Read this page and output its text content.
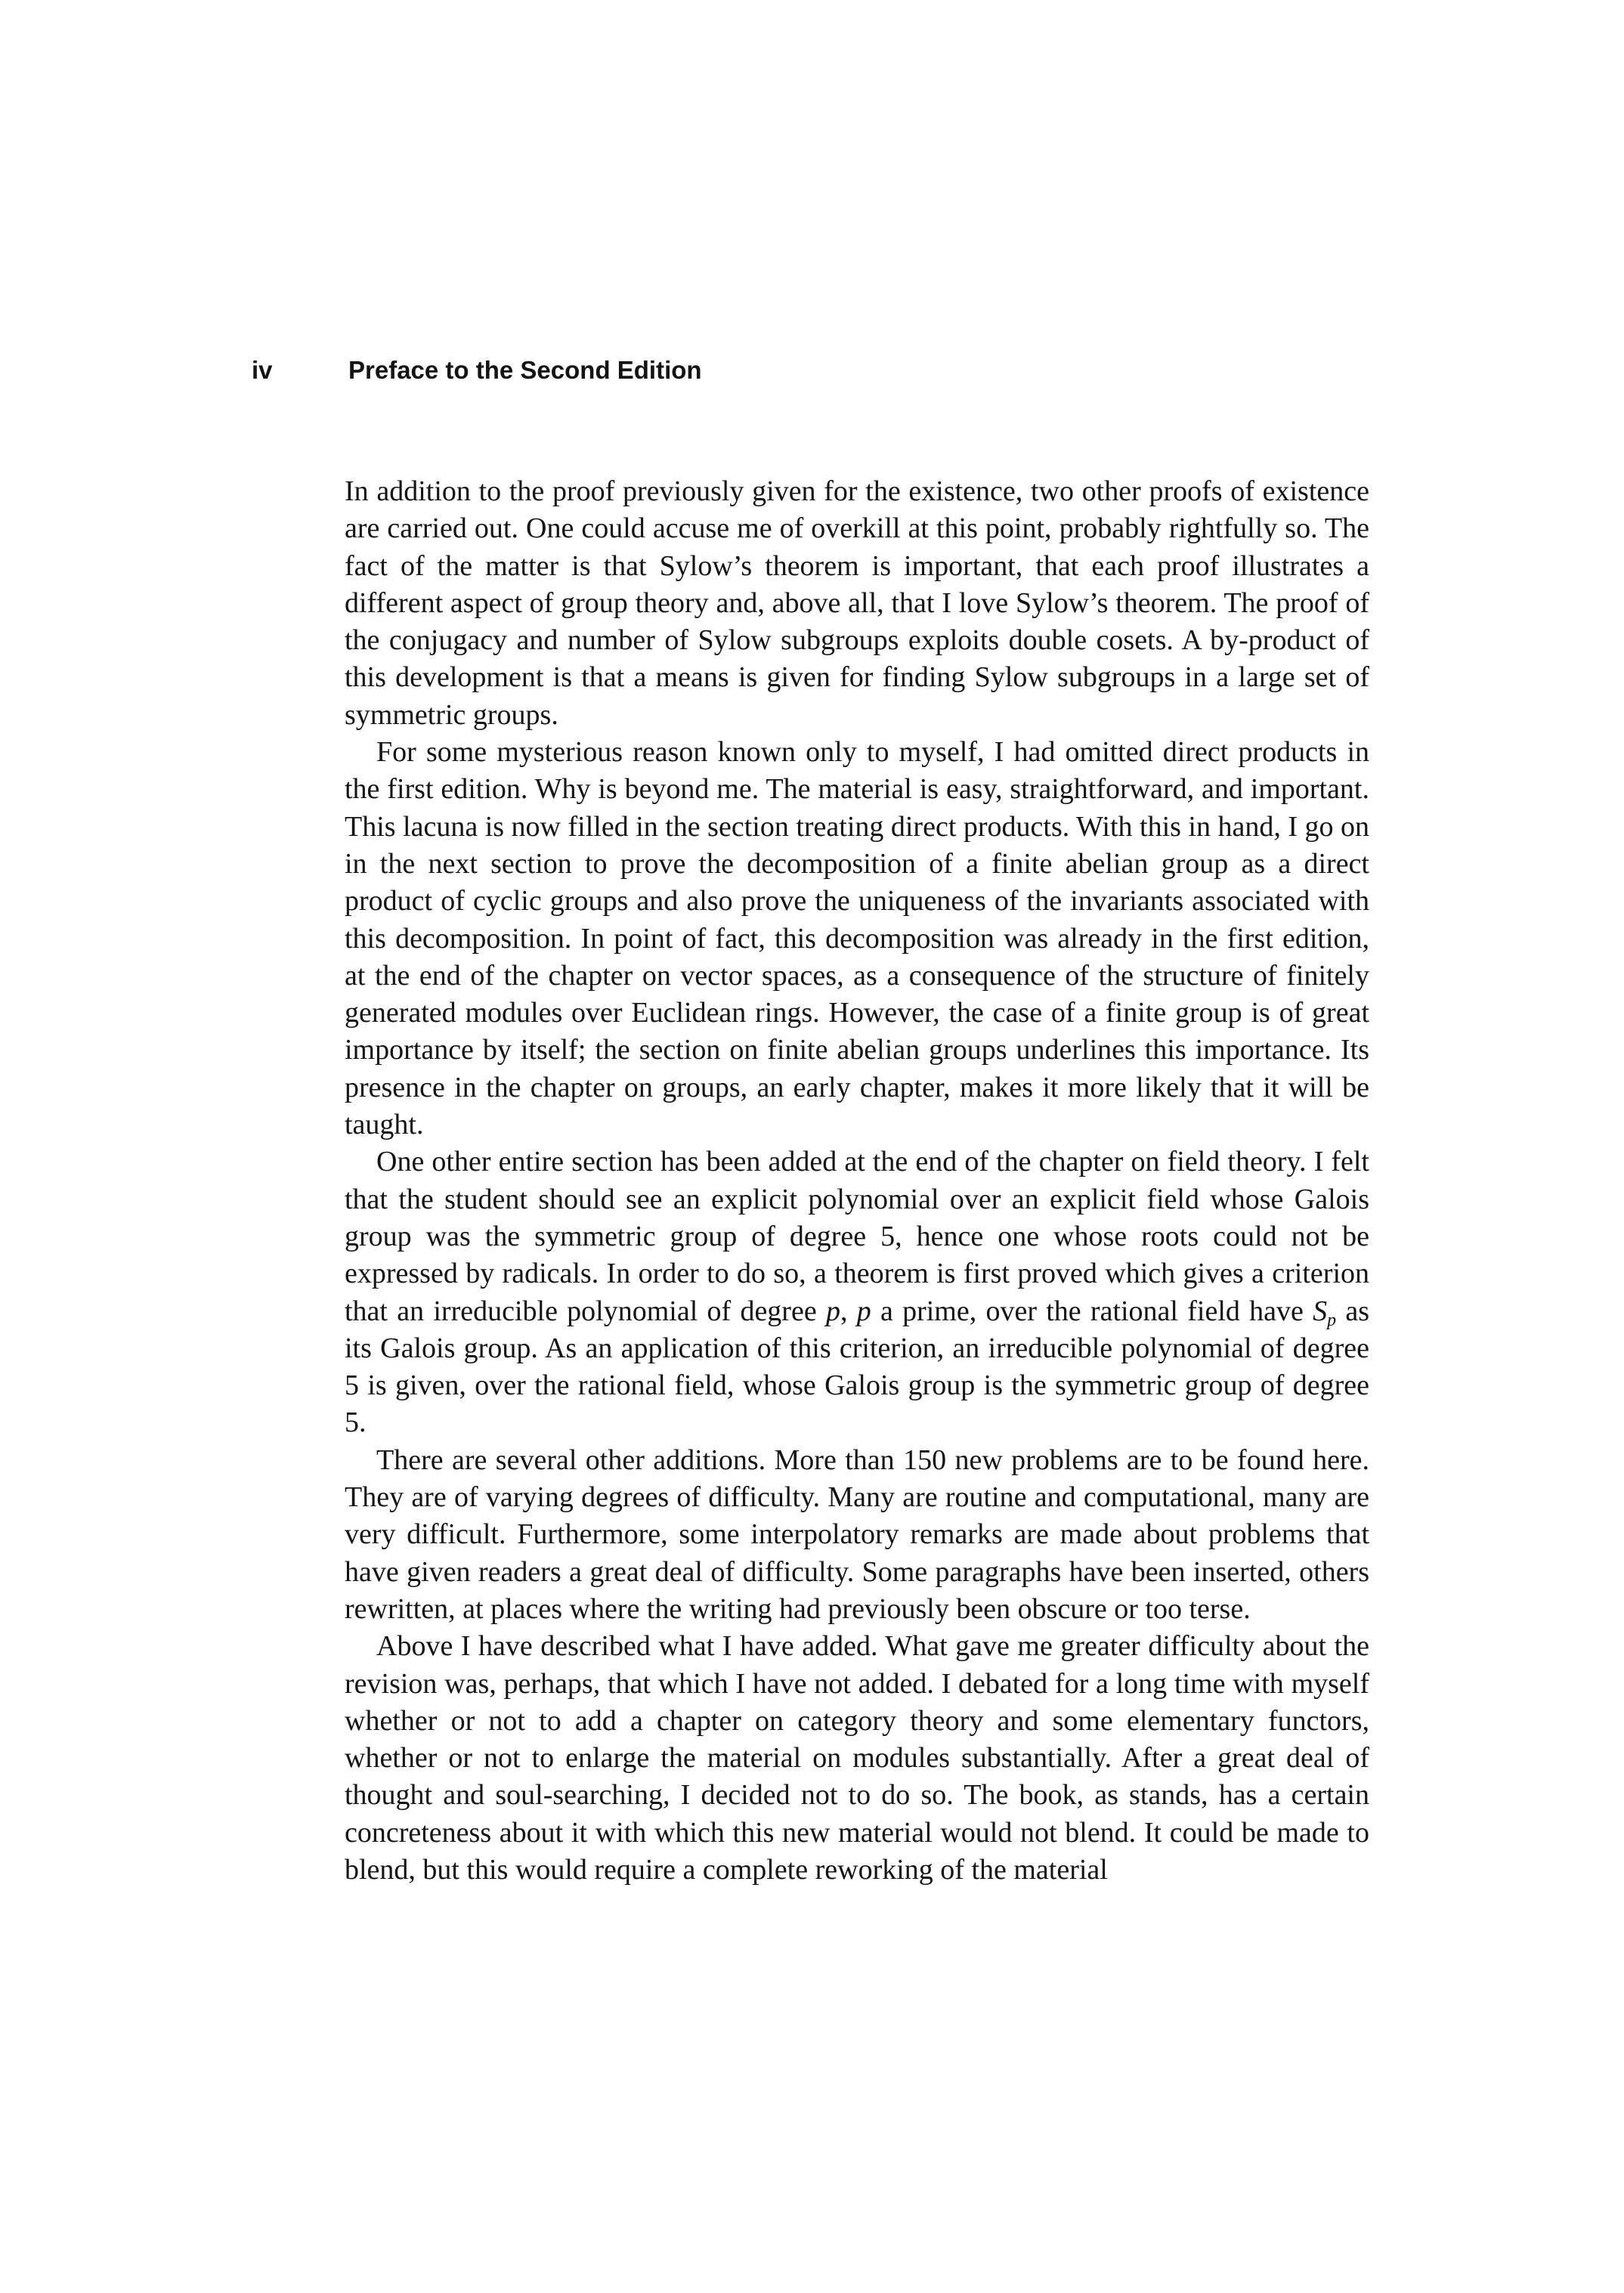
iv	Preface to the Second Edition

In addition to the proof previously given for the existence, two other proofs of existence are carried out. One could accuse me of overkill at this point, probably rightfully so. The fact of the matter is that Sylow’s theorem is important, that each proof illustrates a different aspect of group theory and, above all, that I love Sylow’s theorem. The proof of the conjugacy and number of Sylow subgroups exploits double cosets. A by-product of this development is that a means is given for finding Sylow subgroups in a large set of symmetric groups.

For some mysterious reason known only to myself, I had omitted direct products in the first edition. Why is beyond me. The material is easy, straightforward, and important. This lacuna is now filled in the section treating direct products. With this in hand, I go on in the next section to prove the decomposition of a finite abelian group as a direct product of cyclic groups and also prove the uniqueness of the invariants associated with this decomposition. In point of fact, this decomposition was already in the first edition, at the end of the chapter on vector spaces, as a consequence of the structure of finitely generated modules over Euclidean rings. However, the case of a finite group is of great importance by itself; the section on finite abelian groups underlines this importance. Its presence in the chapter on groups, an early chapter, makes it more likely that it will be taught.

One other entire section has been added at the end of the chapter on field theory. I felt that the student should see an explicit polynomial over an explicit field whose Galois group was the symmetric group of degree 5, hence one whose roots could not be expressed by radicals. In order to do so, a theorem is first proved which gives a criterion that an irreducible polynomial of degree p, p a prime, over the rational field have Sp as its Galois group. As an application of this criterion, an irreducible polynomial of degree 5 is given, over the rational field, whose Galois group is the symmetric group of degree 5.

There are several other additions. More than 150 new problems are to be found here. They are of varying degrees of difficulty. Many are routine and computational, many are very difficult. Furthermore, some interpolatory remarks are made about problems that have given readers a great deal of difficulty. Some paragraphs have been inserted, others rewritten, at places where the writing had previously been obscure or too terse.

Above I have described what I have added. What gave me greater difficulty about the revision was, perhaps, that which I have not added. I debated for a long time with myself whether or not to add a chapter on category theory and some elementary functors, whether or not to enlarge the material on modules substantially. After a great deal of thought and soul-searching, I decided not to do so. The book, as stands, has a certain concreteness about it with which this new material would not blend. It could be made to blend, but this would require a complete reworking of the material
